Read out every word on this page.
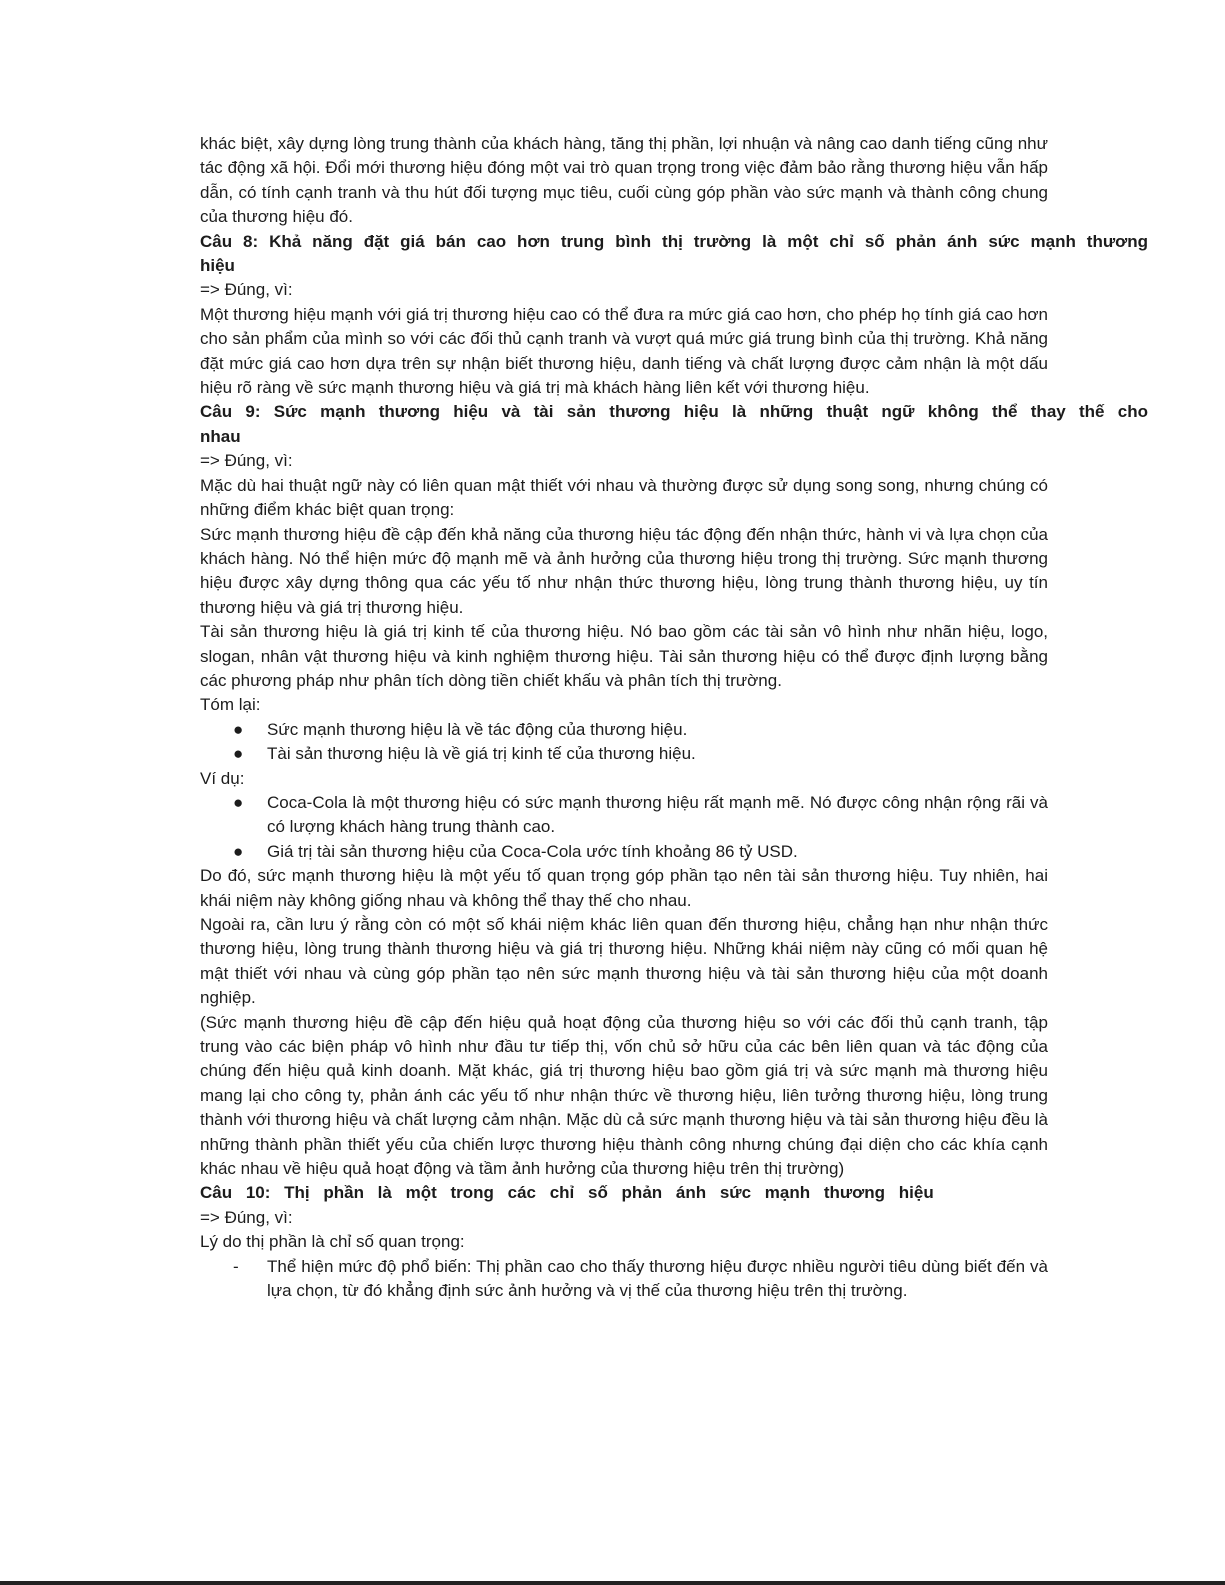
khác biệt, xây dựng lòng trung thành của khách hàng, tăng thị phần, lợi nhuận và nâng cao danh tiếng cũng như tác động xã hội. Đổi mới thương hiệu đóng một vai trò quan trọng trong việc đảm bảo rằng thương hiệu vẫn hấp dẫn, có tính cạnh tranh và thu hút đối tượng mục tiêu, cuối cùng góp phần vào sức mạnh và thành công chung của thương hiệu đó.

Câu 8: Khả năng đặt giá bán cao hơn trung bình thị trường là một chỉ số phản ánh sức mạnh thương hiệu

=> Đúng, vì:

Một thương hiệu mạnh với giá trị thương hiệu cao có thể đưa ra mức giá cao hơn, cho phép họ tính giá cao hơn cho sản phẩm của mình so với các đối thủ cạnh tranh và vượt quá mức giá trung bình của thị trường. Khả năng đặt mức giá cao hơn dựa trên sự nhận biết thương hiệu, danh tiếng và chất lượng được cảm nhận là một dấu hiệu rõ ràng về sức mạnh thương hiệu và giá trị mà khách hàng liên kết với thương hiệu.

Câu 9: Sức mạnh thương hiệu và tài sản thương hiệu là những thuật ngữ không thể thay thế cho nhau

=> Đúng, vì:

Mặc dù hai thuật ngữ này có liên quan mật thiết với nhau và thường được sử dụng song song, nhưng chúng có những điểm khác biệt quan trọng:

Sức mạnh thương hiệu đề cập đến khả năng của thương hiệu tác động đến nhận thức, hành vi và lựa chọn của khách hàng. Nó thể hiện mức độ mạnh mẽ và ảnh hưởng của thương hiệu trong thị trường. Sức mạnh thương hiệu được xây dựng thông qua các yếu tố như nhận thức thương hiệu, lòng trung thành thương hiệu, uy tín thương hiệu và giá trị thương hiệu.

Tài sản thương hiệu là giá trị kinh tế của thương hiệu. Nó bao gồm các tài sản vô hình như nhãn hiệu, logo, slogan, nhân vật thương hiệu và kinh nghiệm thương hiệu. Tài sản thương hiệu có thể được định lượng bằng các phương pháp như phân tích dòng tiền chiết khấu và phân tích thị trường.

Tóm lại:

● Sức mạnh thương hiệu là về tác động của thương hiệu.
● Tài sản thương hiệu là về giá trị kinh tế của thương hiệu.

Ví dụ:

● Coca-Cola là một thương hiệu có sức mạnh thương hiệu rất mạnh mẽ. Nó được công nhận rộng rãi và có lượng khách hàng trung thành cao.
● Giá trị tài sản thương hiệu của Coca-Cola ước tính khoảng 86 tỷ USD.

Do đó, sức mạnh thương hiệu là một yếu tố quan trọng góp phần tạo nên tài sản thương hiệu. Tuy nhiên, hai khái niệm này không giống nhau và không thể thay thế cho nhau.

Ngoài ra, cần lưu ý rằng còn có một số khái niệm khác liên quan đến thương hiệu, chẳng hạn như nhận thức thương hiệu, lòng trung thành thương hiệu và giá trị thương hiệu. Những khái niệm này cũng có mối quan hệ mật thiết với nhau và cùng góp phần tạo nên sức mạnh thương hiệu và tài sản thương hiệu của một doanh nghiệp.

(Sức mạnh thương hiệu đề cập đến hiệu quả hoạt động của thương hiệu so với các đối thủ cạnh tranh, tập trung vào các biện pháp vô hình như đầu tư tiếp thị, vốn chủ sở hữu của các bên liên quan và tác động của chúng đến hiệu quả kinh doanh. Mặt khác, giá trị thương hiệu bao gồm giá trị và sức mạnh mà thương hiệu mang lại cho công ty, phản ánh các yếu tố như nhận thức về thương hiệu, liên tưởng thương hiệu, lòng trung thành với thương hiệu và chất lượng cảm nhận. Mặc dù cả sức mạnh thương hiệu và tài sản thương hiệu đều là những thành phần thiết yếu của chiến lược thương hiệu thành công nhưng chúng đại diện cho các khía cạnh khác nhau về hiệu quả hoạt động và tầm ảnh hưởng của thương hiệu trên thị trường)

Câu 10: Thị phần là một trong các chỉ số phản ánh sức mạnh thương hiệu

=> Đúng, vì:

Lý do thị phần là chỉ số quan trọng:

- Thể hiện mức độ phổ biến: Thị phần cao cho thấy thương hiệu được nhiều người tiêu dùng biết đến và lựa chọn, từ đó khẳng định sức ảnh hưởng và vị thế của thương hiệu trên thị trường.
